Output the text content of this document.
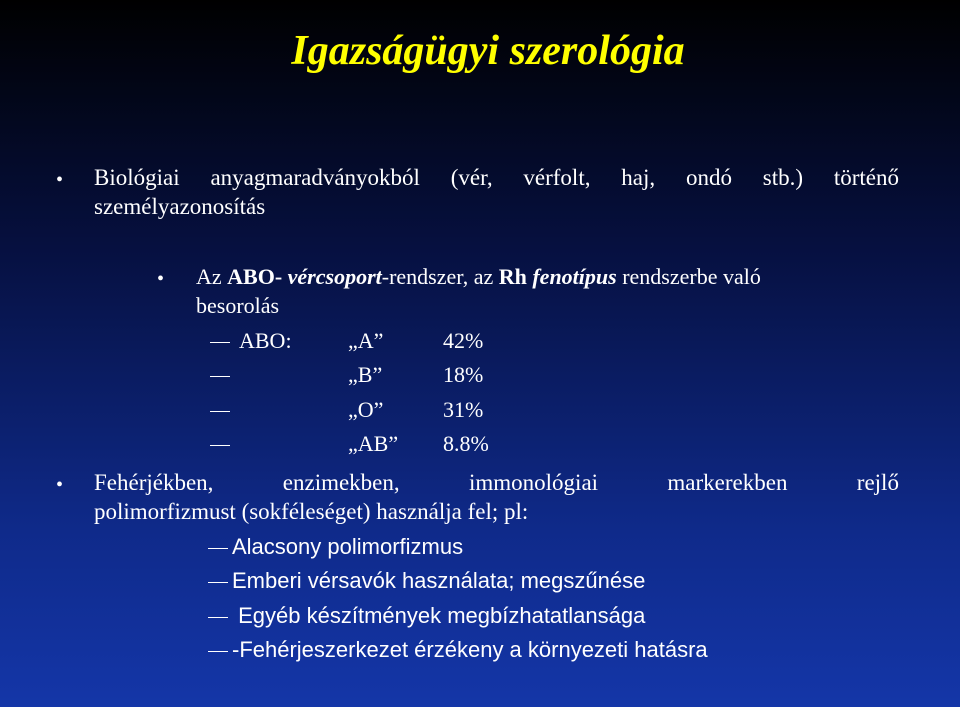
Igazságügyi szerológia
• Biológiai anyagmaradványokból (vér, vérfolt, haj, ondó stb.) történő
személyazonosítás
• Az ABO- vércsoport-rendszer, az Rh fenotípus rendszerbe való
besorolás
ABO:	„A”	42%
„B”	18%
„O”	31%
„AB” 8.8%
• Fehérjékben,	enzimekben,	immonológiai	markerekben	rejlő
polimorfizmust (sokféleséget) használja fel; pl:
Alacsony polimorfizmus
Emberi vérsavók használata; megszűnése
Egyéb készítmények megbízhatatlansága
-Fehérjeszerkezet érzékeny a környezeti hatásra
